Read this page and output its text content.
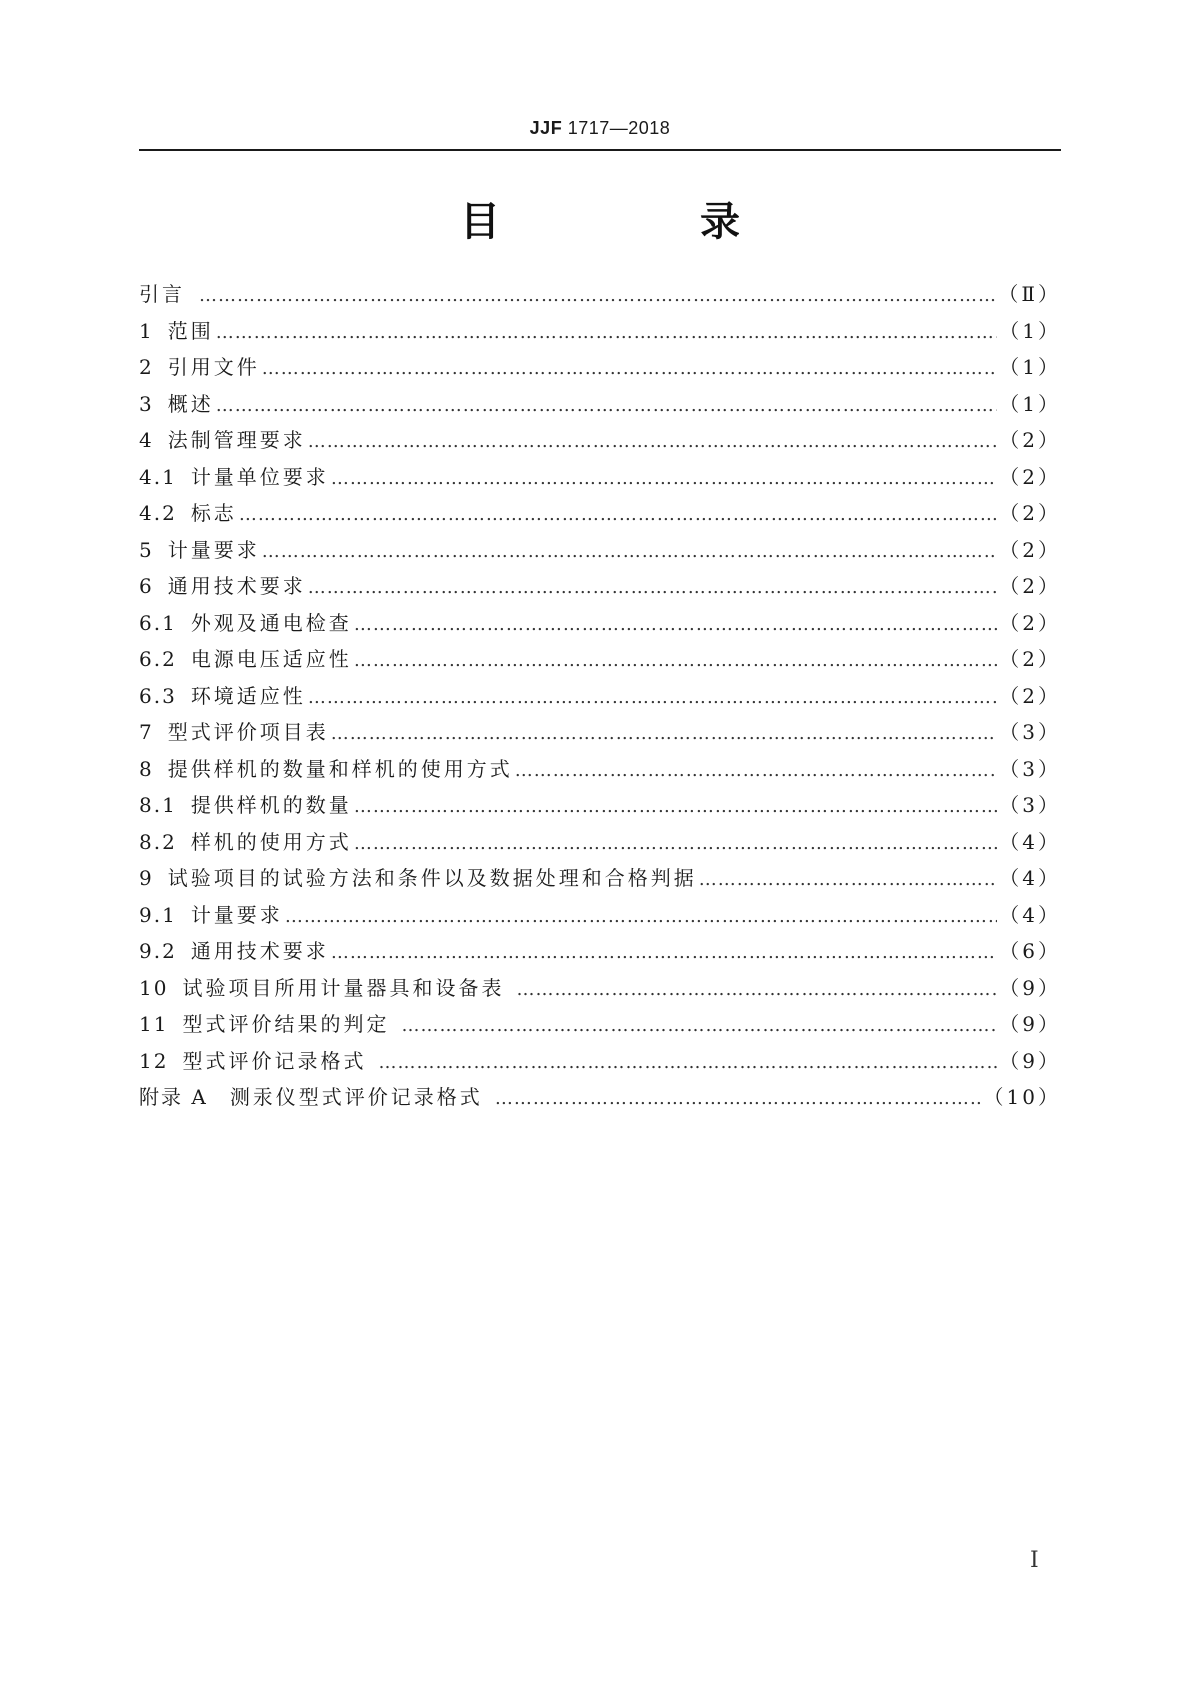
JJF 1717—2018
目　录
引言 …………………………………………………………………………………………………………………………………………………………………………………………………………………………	（Ⅱ）
1 范围 …………………………………………………………………………………………………………………………………………………………………………………………………………………………	（1）
2 引用文件 …………………………………………………………………………………………………………………………………………………………………………………………………………………………	（1）
3 概述 …………………………………………………………………………………………………………………………………………………………………………………………………………………………	（1）
4 法制管理要求 …………………………………………………………………………………………………………………………………………………………………………………………………………………………	（2）
4.1 计量单位要求 …………………………………………………………………………………………………………………………………………………………………………………………………………………………	（2）
4.2 标志 …………………………………………………………………………………………………………………………………………………………………………………………………………………………	（2）
5 计量要求 …………………………………………………………………………………………………………………………………………………………………………………………………………………………	（2）
6 通用技术要求 …………………………………………………………………………………………………………………………………………………………………………………………………………………………	（2）
6.1 外观及通电检查 …………………………………………………………………………………………………………………………………………………………………………………………………………………………	（2）
6.2 电源电压适应性 …………………………………………………………………………………………………………………………………………………………………………………………………………………………	（2）
6.3 环境适应性 …………………………………………………………………………………………………………………………………………………………………………………………………………………………	（2）
7 型式评价项目表 …………………………………………………………………………………………………………………………………………………………………………………………………………………………	（3）
8 提供样机的数量和样机的使用方式 …………………………………………………………………………………………………………………………………………………………………………………………………………………………	（3）
8.1 提供样机的数量 …………………………………………………………………………………………………………………………………………………………………………………………………………………………	（3）
8.2 样机的使用方式 …………………………………………………………………………………………………………………………………………………………………………………………………………………………	（4）
9 试验项目的试验方法和条件以及数据处理和合格判据 …………………………………………………………………………………………………………………………………………………………………………………………………………………………	（4）
9.1 计量要求 …………………………………………………………………………………………………………………………………………………………………………………………………………………………	（4）
9.2 通用技术要求 …………………………………………………………………………………………………………………………………………………………………………………………………………………………	（6）
10 试验项目所用计量器具和设备表 …………………………………………………………………………………………………………………………………………………………………………………………………………………………	（9）
11 型式评价结果的判定 …………………………………………………………………………………………………………………………………………………………………………………………………………………………	（9）
12 型式评价记录格式 …………………………………………………………………………………………………………………………………………………………………………………………………………………………	（9）
附录 A 测汞仪型式评价记录格式 …………………………………………………………………………………………………………………………………………………………………………………………………………………………	（10）
Ⅰ
